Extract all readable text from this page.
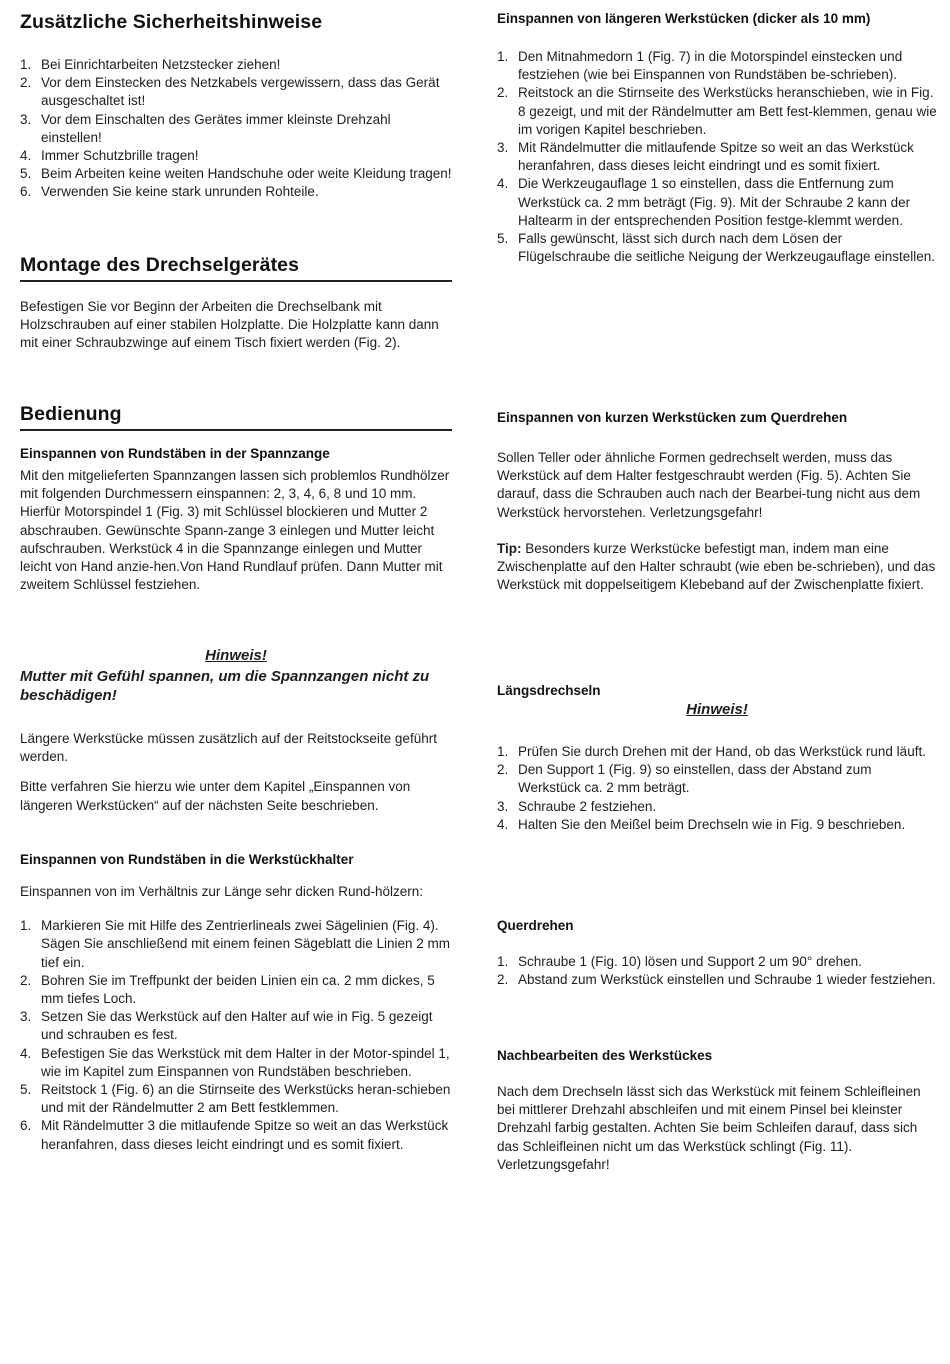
Zusätzliche Sicherheitshinweise
1. Bei Einrichtarbeiten Netzstecker ziehen!
2. Vor dem Einstecken des Netzkabels vergewissern, dass das Gerät ausgeschaltet ist!
3. Vor dem Einschalten des Gerätes immer kleinste Drehzahl einstellen!
4. Immer Schutzbrille tragen!
5. Beim Arbeiten keine weiten Handschuhe oder weite Kleidung tragen!
6. Verwenden Sie keine stark unrunden Rohteile.
Montage des Drechselgerätes

Befestigen Sie vor Beginn der Arbeiten die Drechselbank mit Holzschrauben auf einer stabilen Holzplatte. Die Holzplatte kann dann mit einer Schraubzwinge auf einem Tisch fixiert werden (Fig. 2).

Bedienung
Einspannen von Rundstäben in der Spannzange

Mit den mitgelieferten Spannzangen lassen sich problemlos Rundhölzer mit folgenden Durchmessern einspannen: 2, 3, 4, 6, 8 und 10 mm. Hierfür Motorspindel 1 (Fig. 3) mit Schlüssel blockieren und Mutter 2 abschrauben. Gewünschte Spann-zange 3 einlegen und Mutter leicht aufschrauben. Werkstück 4 in die Spannzange einlegen und Mutter leicht von Hand anzie-hen.Von Hand Rundlauf prüfen. Dann Mutter mit zweitem Schlüssel festziehen.

Hinweis!
Mutter mit Gefühl spannen, um die Spannzangen nicht zu beschädigen!

Längere Werkstücke müssen zusätzlich auf der Reitstockseite geführt werden.

Bitte verfahren Sie hierzu wie unter dem Kapitel „Einspannen von längeren Werkstücken“ auf der nächsten Seite beschrieben.

Einspannen von Rundstäben in die Werkstückhalter

Einspannen von im Verhältnis zur Länge sehr dicken Rund-hölzern:

1. Markieren Sie mit Hilfe des Zentrierlineals zwei Sägelinien (Fig. 4). Sägen Sie anschließend mit einem feinen Sägeblatt die Linien 2 mm tief ein.
2. Bohren Sie im Treffpunkt der beiden Linien ein ca. 2 mm dickes, 5 mm tiefes Loch.
3. Setzen Sie das Werkstück auf den Halter auf wie in Fig. 5 gezeigt und schrauben es fest.
4. Befestigen Sie das Werkstück mit dem Halter in der Motor-spindel 1, wie im Kapitel zum Einspannen von Rundstäben beschrieben.
5. Reitstock 1 (Fig. 6) an die Stirnseite des Werkstücks heran-schieben und mit der Rändelmutter 2 am Bett festklemmen.
6. Mit Rändelmutter 3 die mitlaufende Spitze so weit an das Werkstück heranfahren, dass dieses leicht eindringt und es somit fixiert.
Einspannen von längeren Werkstücken (dicker als 10 mm)
1. Den Mitnahmedorn 1 (Fig. 7) in die Motorspindel einstecken und festziehen (wie bei Einspannen von Rundstäben be-schrieben).
2. Reitstock an die Stirnseite des Werkstücks heranschieben, wie in Fig. 8 gezeigt, und mit der Rändelmutter am Bett fest-klemmen, genau wie im vorigen Kapitel beschrieben.
3. Mit Rändelmutter die mitlaufende Spitze so weit an das Werkstück heranfahren, dass dieses leicht eindringt und es somit fixiert.
4. Die Werkzeugauflage 1 so einstellen, dass die Entfernung zum Werkstück ca. 2 mm beträgt (Fig. 9). Mit der Schraube 2 kann der Haltearm in der entsprechenden Position festge-klemmt werden.
5. Falls gewünscht, lässt sich durch nach dem Lösen der Flügelschraube die seitliche Neigung der Werkzeugauflage einstellen.
Einspannen von kurzen Werkstücken zum Querdrehen

Sollen Teller oder ähnliche Formen gedrechselt werden, muss das Werkstück auf dem Halter festgeschraubt werden (Fig. 5). Achten Sie darauf, dass die Schrauben auch nach der Bearbei-tung nicht aus dem Werkstück hervorstehen. Verletzungsgefahr!

Tip: Besonders kurze Werkstücke befestigt man, indem man eine Zwischenplatte auf den Halter schraubt (wie eben be-schrieben), und das Werkstück mit doppelseitigem Klebeband auf der Zwischenplatte fixiert.

Längsdrechseln
Hinweis!
1. Prüfen Sie durch Drehen mit der Hand, ob das Werkstück rund läuft.
2. Den Support 1 (Fig. 9) so einstellen, dass der Abstand zum Werkstück ca. 2 mm beträgt.
3. Schraube 2 festziehen.
4. Halten Sie den Meißel beim Drechseln wie in Fig. 9 beschrieben.
Querdrehen
1. Schraube 1 (Fig. 10) lösen und Support 2 um 90° drehen.
2. Abstand zum Werkstück einstellen und Schraube 1 wieder festziehen.
Nachbearbeiten des Werkstückes

Nach dem Drechseln lässt sich das Werkstück mit feinem Schleifleinen bei mittlerer Drehzahl abschleifen und mit einem Pinsel bei kleinster Drehzahl farbig gestalten. Achten Sie beim Schleifen darauf, dass sich das Schleifleinen nicht um das Werkstück schlingt (Fig. 11). Verletzungsgefahr!
